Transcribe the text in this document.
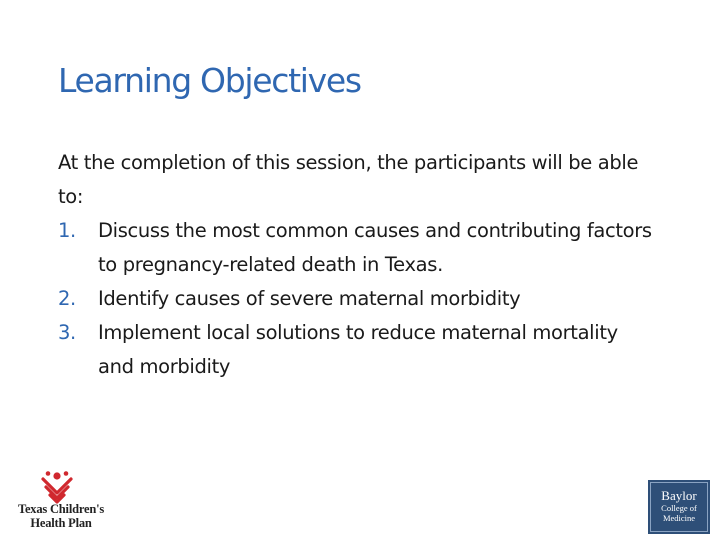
Learning Objectives

At the completion of this session, the participants will be able to:

1. Discuss the most common causes and contributing factors to pregnancy-related death in Texas.
2. Identify causes of severe maternal morbidity
3. Implement local solutions to reduce maternal mortality and morbidity
Texas Children's
Health Plan
Baylor
College of
Medicine
